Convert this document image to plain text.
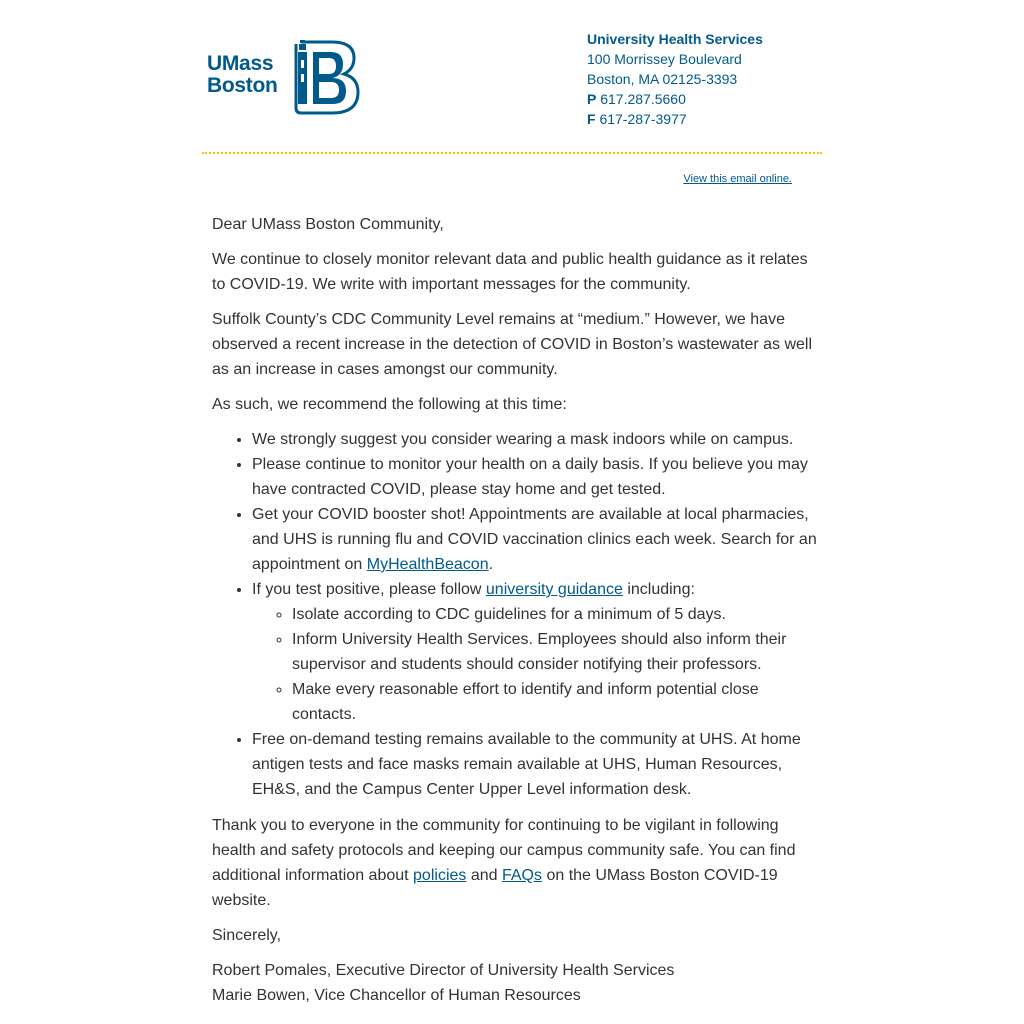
UMass
Boston
University Health Services
100 Morrissey Boulevard
Boston, MA 02125-3393
P 617.287.5660
F 617-287-3977
View this email online.

Dear UMass Boston Community,

We continue to closely monitor relevant data and public health guidance as it relates to COVID-19. We write with important messages for the community.

Suffolk County’s CDC Community Level remains at “medium.” However, we have observed a recent increase in the detection of COVID in Boston’s wastewater as well as an increase in cases amongst our community.

As such, we recommend the following at this time:

• We strongly suggest you consider wearing a mask indoors while on campus.
• Please continue to monitor your health on a daily basis. If you believe you may have contracted COVID, please stay home and get tested.
• Get your COVID booster shot! Appointments are available at local pharmacies, and UHS is running flu and COVID vaccination clinics each week. Search for an appointment on MyHealthBeacon.
• If you test positive, please follow university guidance including:
◦ Isolate according to CDC guidelines for a minimum of 5 days.
◦ Inform University Health Services. Employees should also inform their supervisor and students should consider notifying their professors.
◦ Make every reasonable effort to identify and inform potential close contacts.
• Free on-demand testing remains available to the community at UHS. At home antigen tests and face masks remain available at UHS, Human Resources, EH&S, and the Campus Center Upper Level information desk.

Thank you to everyone in the community for continuing to be vigilant in following health and safety protocols and keeping our campus community safe. You can find additional information about policies and FAQs on the UMass Boston COVID-19 website.

Sincerely,

Robert Pomales, Executive Director of University Health Services
Marie Bowen, Vice Chancellor of Human Resources
